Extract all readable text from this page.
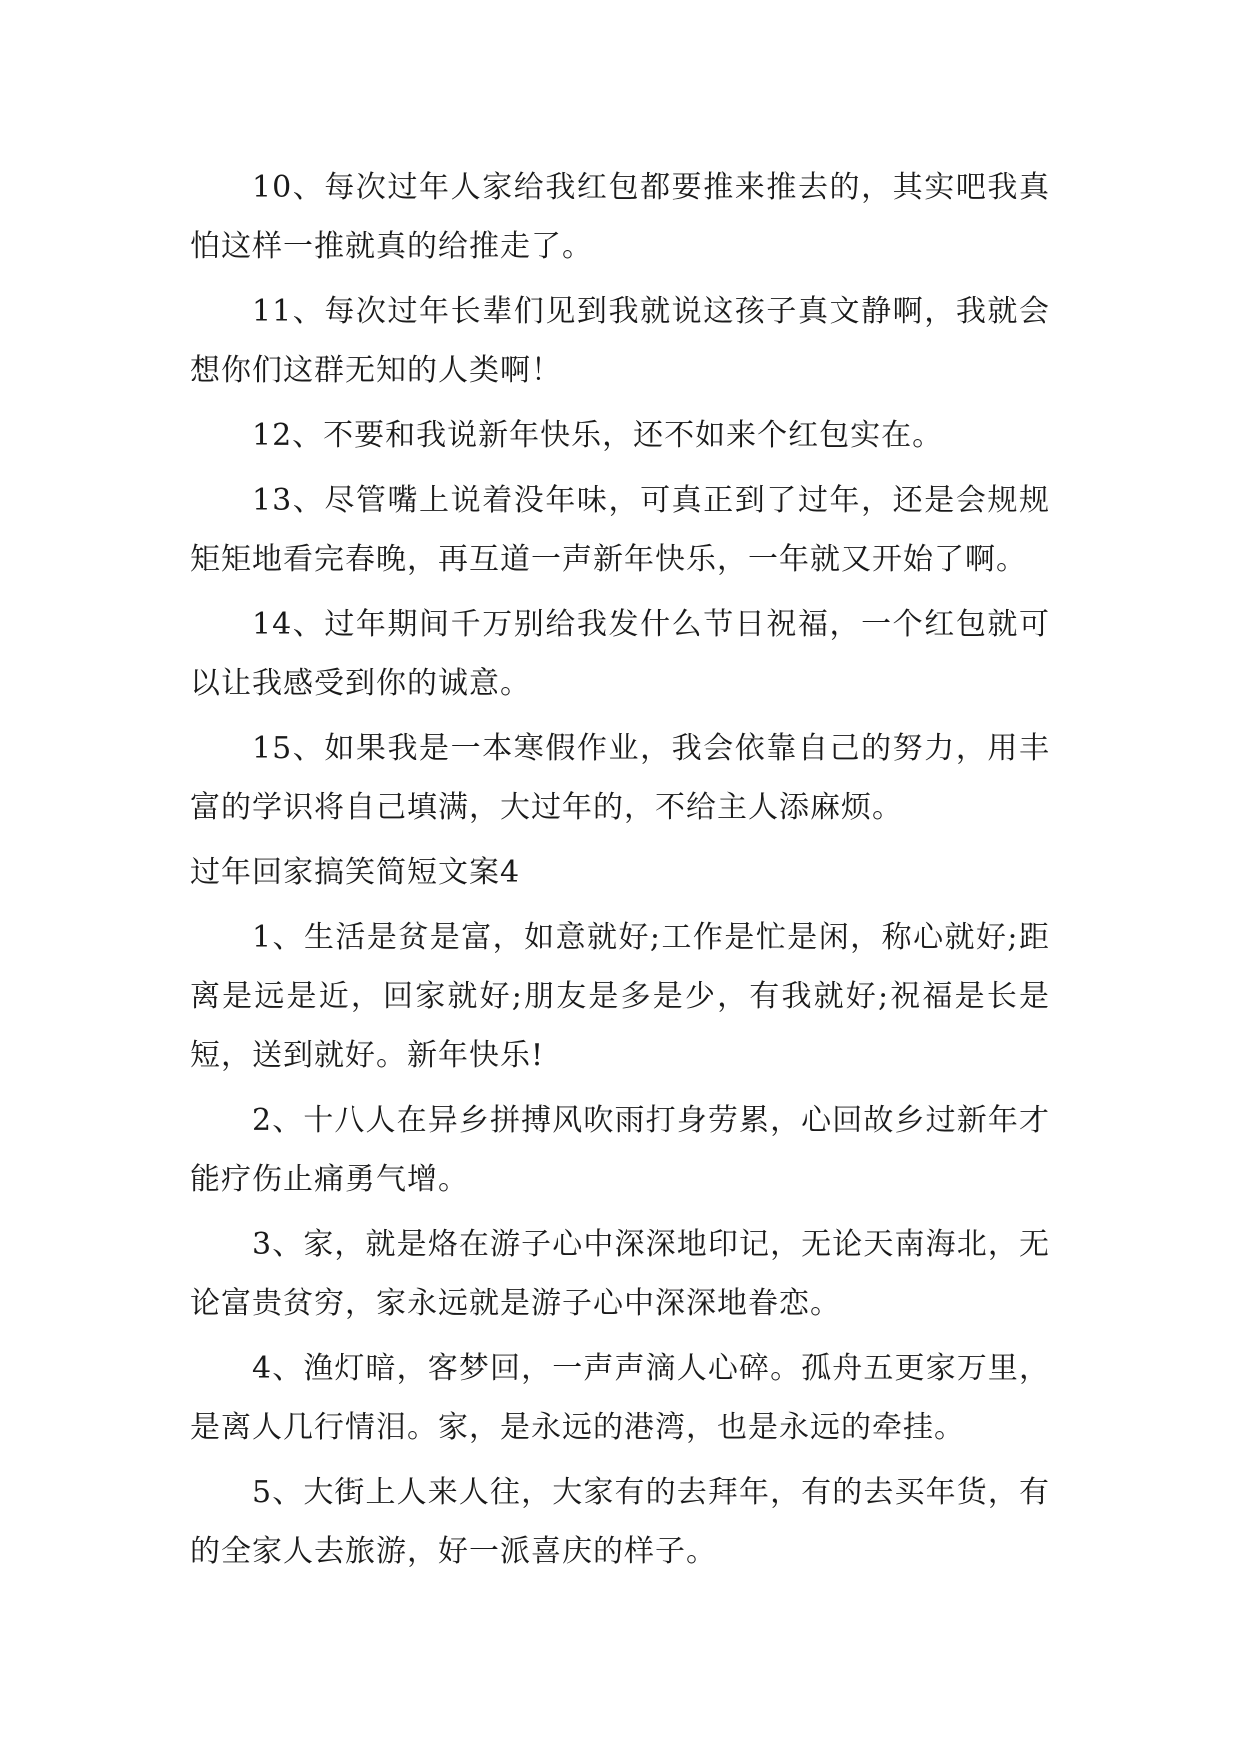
10、每次过年人家给我红包都要推来推去的，其实吧我真怕这样一推就真的给推走了。

11、每次过年长辈们见到我就说这孩子真文静啊，我就会想你们这群无知的人类啊！

12、不要和我说新年快乐，还不如来个红包实在。

13、尽管嘴上说着没年味，可真正到了过年，还是会规规矩矩地看完春晚，再互道一声新年快乐，一年就又开始了啊。

14、过年期间千万别给我发什么节日祝福，一个红包就可以让我感受到你的诚意。

15、如果我是一本寒假作业，我会依靠自己的努力，用丰富的学识将自己填满，大过年的，不给主人添麻烦。

过年回家搞笑简短文案4

1、生活是贫是富，如意就好;工作是忙是闲，称心就好;距离是远是近，回家就好;朋友是多是少，有我就好;祝福是长是短，送到就好。新年快乐!

2、十八人在异乡拼搏风吹雨打身劳累，心回故乡过新年才能疗伤止痛勇气增。

3、家，就是烙在游子心中深深地印记，无论天南海北，无论富贵贫穷，家永远就是游子心中深深地眷恋。

4、渔灯暗，客梦回，一声声滴人心碎。孤舟五更家万里，是离人几行情泪。家，是永远的港湾，也是永远的牵挂。

5、大街上人来人往，大家有的去拜年，有的去买年货，有的全家人去旅游，好一派喜庆的样子。
